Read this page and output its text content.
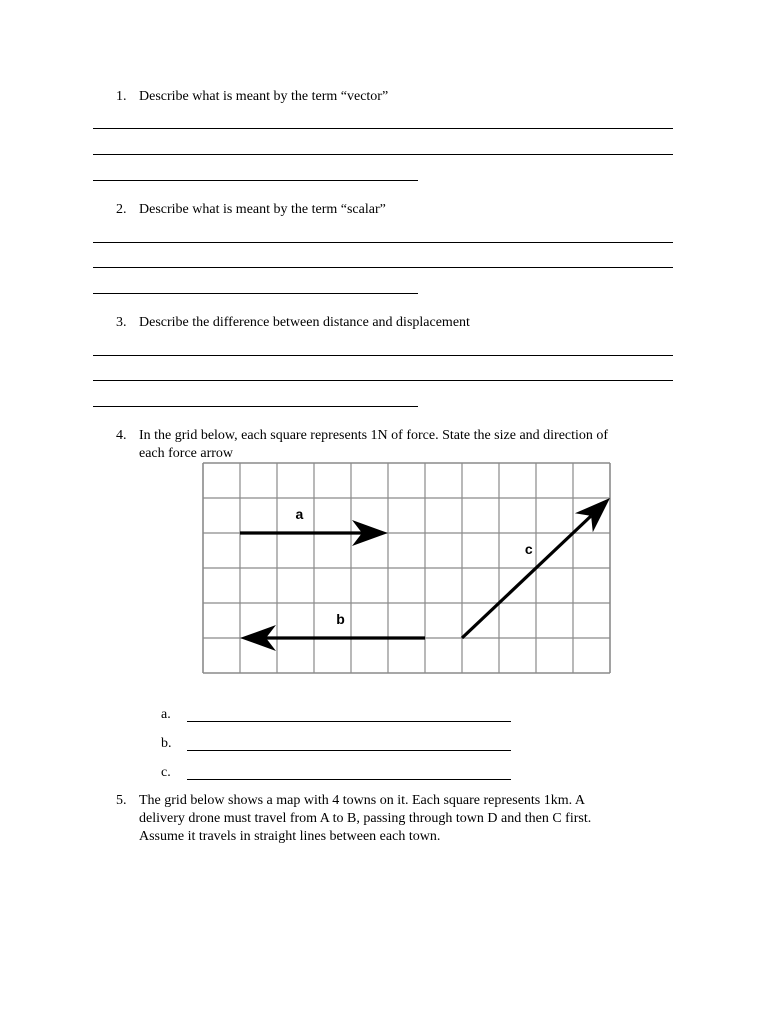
1. Describe what is meant by the term “vector”
2. Describe what is meant by the term “scalar”
3. Describe the difference between distance and displacement
4. In the grid below, each square represents 1N of force. State the size and direction of
each force arrow
a
b
c
a.
b.
c.
5. The grid below shows a map with 4 towns on it. Each square represents 1km. A
delivery drone must travel from A to B, passing through town D and then C first.
Assume it travels in straight lines between each town.
